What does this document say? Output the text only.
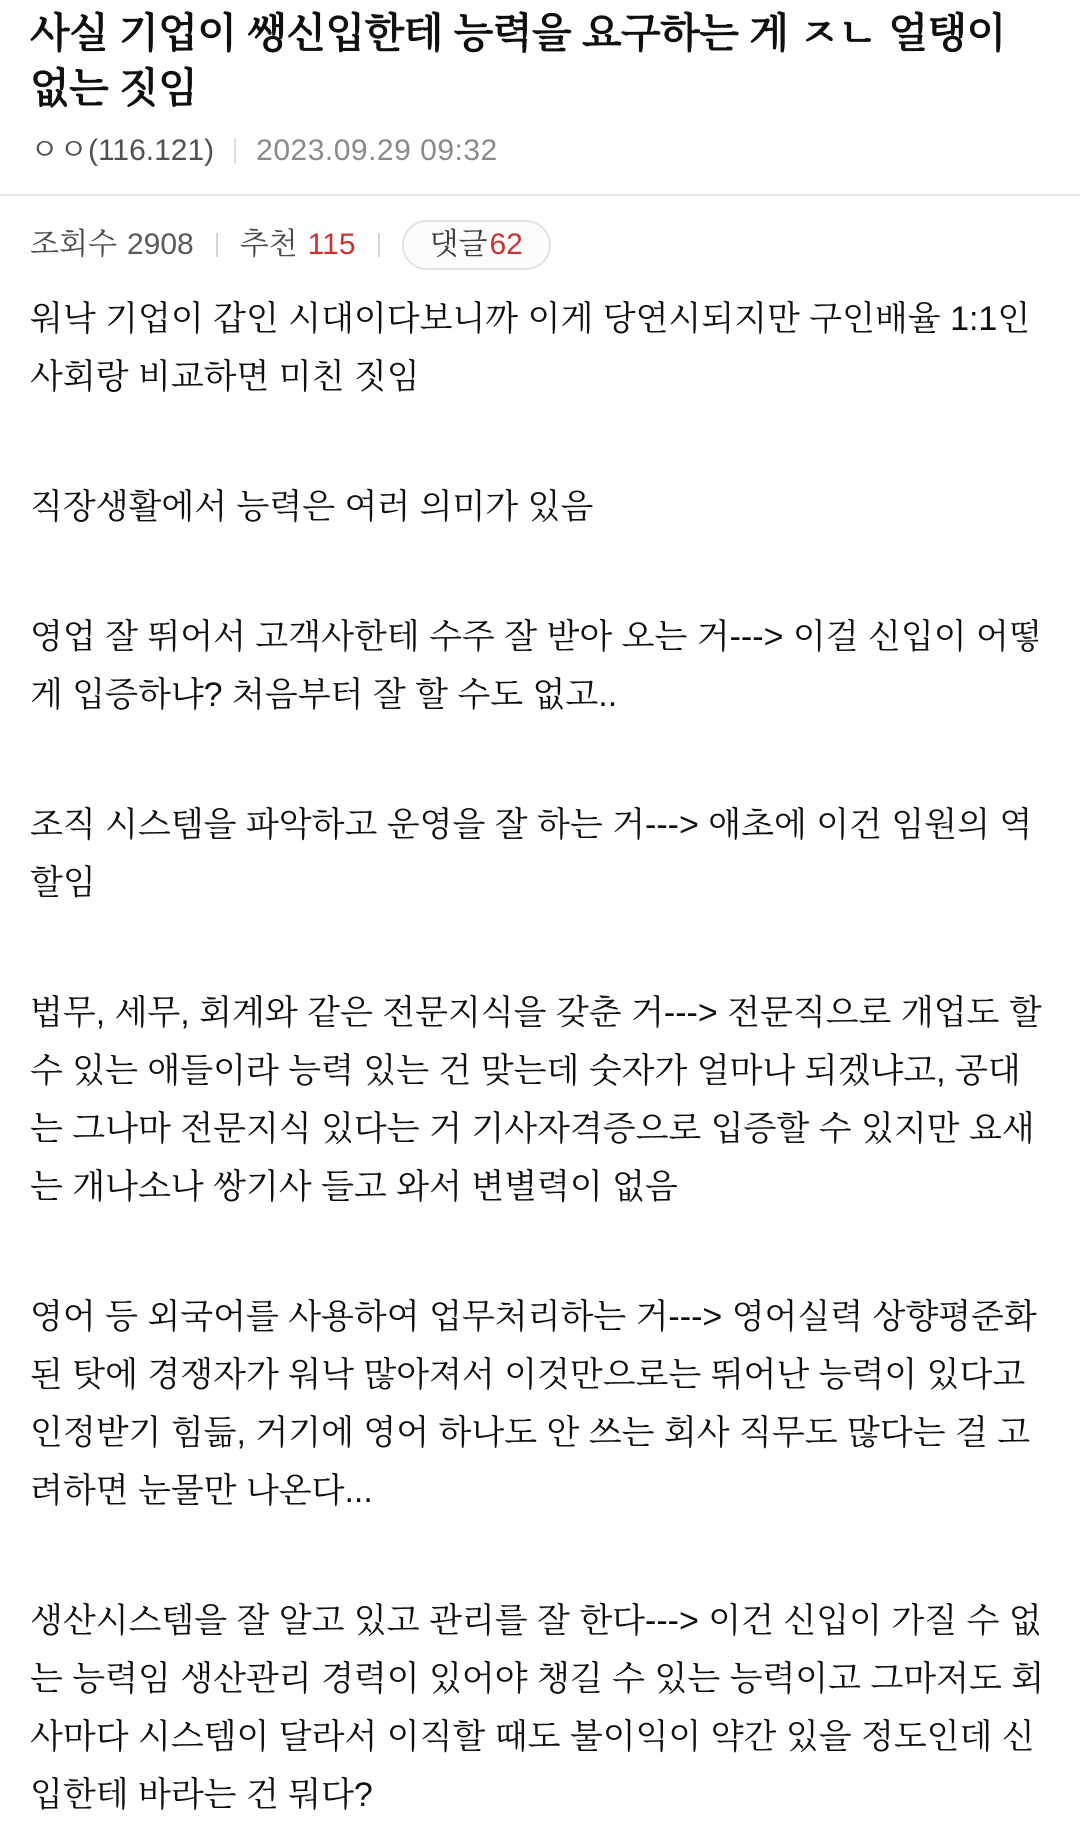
사실 기업이 쌩신입한테 능력을 요구하는 게 ㅈㄴ 얼탱이 없는 짓임
ㅇㅇ(116.121) 2023.09.29 09:32
조회수 2908 추천 115 댓글 62

워낙 기업이 갑인 시대이다보니까 이게 당연시되지만 구인배율 1:1인 사회랑 비교하면 미친 짓임

직장생활에서 능력은 여러 의미가 있음

영업 잘 뛰어서 고객사한테 수주 잘 받아 오는 거---> 이걸 신입이 어떻게 입증하냐? 처음부터 잘 할 수도 없고..

조직 시스템을 파악하고 운영을 잘 하는 거---> 애초에 이건 임원의 역할임

법무, 세무, 회계와 같은 전문지식을 갖춘 거---> 전문직으로 개업도 할 수 있는 애들이라 능력 있는 건 맞는데 숫자가 얼마나 되겠냐고, 공대는 그나마 전문지식 있다는 거 기사자격증으로 입증할 수 있지만 요새는 개나소나 쌍기사 들고 와서 변별력이 없음

영어 등 외국어를 사용하여 업무처리하는 거---> 영어실력 상향평준화된 탓에 경쟁자가 워낙 많아져서 이것만으로는 뛰어난 능력이 있다고 인정받기 힘듦, 거기에 영어 하나도 안 쓰는 회사 직무도 많다는 걸 고려하면 눈물만 나온다...

생산시스템을 잘 알고 있고 관리를 잘 한다---> 이건 신입이 가질 수 없는 능력임 생산관리 경력이 있어야 챙길 수 있는 능력이고 그마저도 회사마다 시스템이 달라서 이직할 때도 불이익이 약간 있을 정도인데 신입한테 바라는 건 뭐다?
